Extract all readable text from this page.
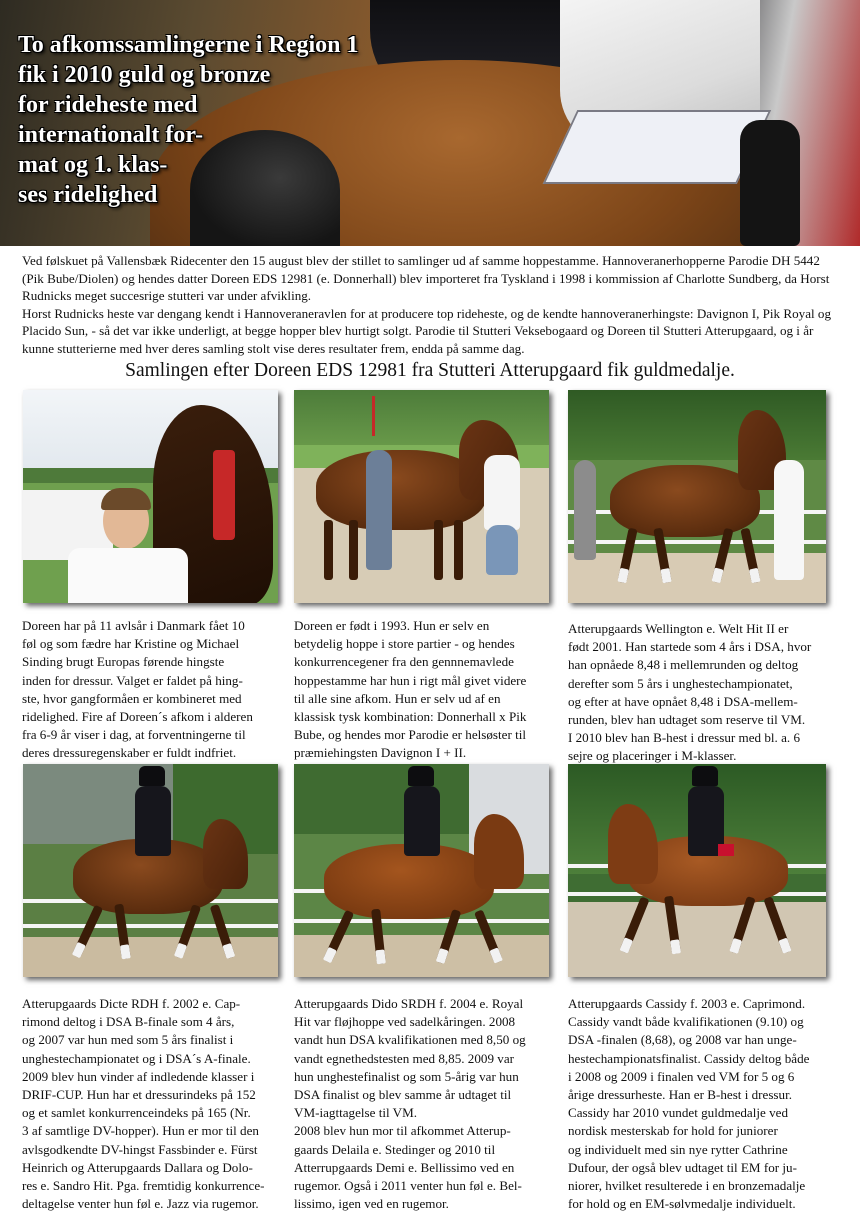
To afkomssamlingerne i Region 1
fik i 2010 guld og bronze
for rideheste med
internationalt for-
mat og 1. klas-
ses ridelighed

Ved følskuet på Vallensbæk Ridecenter den 15 august blev der stillet to samlinger ud af samme hoppestamme. Hannoveranerhopperne Parodie DH 5442 (Pik Bube/Diolen) og hendes datter Doreen EDS 12981 (e. Donnerhall) blev importeret fra Tyskland i 1998 i kommission af Charlotte Sundberg, da Horst Rudnicks meget succesrige stutteri var under afvikling.

Horst Rudnicks heste var dengang kendt i Hannoveraneravlen for at producere top rideheste, og de kendte hannoveranerhingste: Davignon I, Pik Royal og Placido Sun, - så det var ikke underligt, at begge hopper blev hurtigt solgt. Parodie til Stutteri Veksebogaard og Doreen til Stutteri Atterupgaard, og i år kunne stutterierne med hver deres samling stolt vise deres resultater frem, endda på samme dag.

Samlingen efter Doreen EDS 12981 fra Stutteri Atterupgaard fik guldmedalje.
Doreen har på 11 avlsår i Danmark fået 10
føl og som fædre har Kristine og Michael
Sinding brugt Europas førende hingste
inden for dressur. Valget er faldet på hing-
ste, hvor gangformåen er kombineret med
ridelighed. Fire af Doreen´s afkom i alderen
fra 6-9 år viser i dag, at forventningerne til
deres dressuregenskaber er fuldt indfriet.
Doreen er født i 1993. Hun er selv en
betydelig hoppe i store partier - og hendes
konkurrencegener fra den gennnemavlede
hoppestamme har hun i rigt mål givet videre
til alle sine afkom. Hun er selv ud af en
klassisk tysk kombination: Donnerhall x Pik
Bube, og hendes mor Parodie er helsøster til
præmiehingsten Davignon I + II.
Atterupgaards Wellington e. Welt Hit II er
født 2001. Han startede som 4 års i DSA, hvor
han opnåede 8,48 i mellemrunden og deltog
derefter som 5 års i unghestechampionatet,
og efter at have opnået 8,48 i DSA-mellem-
runden, blev han udtaget som reserve til VM.
I 2010 blev han B-hest i dressur med bl. a. 6
sejre og placeringer i M-klasser.
Atterupgaards Dicte RDH f. 2002 e. Cap-
rimond deltog i DSA B-finale som 4 års,
og 2007 var hun med som 5 års finalist i
unghestechampionatet og i DSA´s A-finale.
2009 blev hun vinder af indledende klasser i
DRIF-CUP. Hun har et dressurindeks på 152
og et samlet konkurrenceindeks på 165 (Nr.
3 af samtlige DV-hopper). Hun er mor til den
avlsgodkendte DV-hingst Fassbinder e. Fürst
Heinrich og Atterupgaards Dallara og Dolo-
res e. Sandro Hit. Pga. fremtidig konkurrence-
deltagelse venter hun føl e. Jazz via rugemor.
Atterupgaards Dido SRDH f. 2004 e. Royal
Hit var fløjhoppe ved sadelkåringen. 2008
vandt hun DSA kvalifikationen med 8,50 og
vandt egnethedstesten med 8,85. 2009 var
hun unghestefinalist og som 5-årig var hun
DSA finalist og blev samme år udtaget til
VM-iagttagelse til VM.
2008 blev hun mor til afkommet Atterup-
gaards Delaila e. Stedinger og 2010 til
Atterrupgaards Demi e. Bellissimo ved en
rugemor. Også i 2011 venter hun føl e. Bel-
lissimo, igen ved en rugemor.
Atterupgaards Cassidy f. 2003 e. Caprimond.
Cassidy vandt både kvalifikationen (9.10) og
DSA -finalen (8,68), og 2008 var han unge-
hestechampionatsfinalist. Cassidy deltog både
i 2008 og 2009 i finalen ved VM for 5 og 6
årige dressurheste. Han er B-hest i dressur.
Cassidy har 2010 vundet guldmedalje ved
nordisk mesterskab for hold for juniorer
og individuelt med sin nye rytter Cathrine
Dufour, der også blev udtaget til EM for ju-
niorer, hvilket resulterede i en bronzemadalje
for hold og en EM-sølvmedalje individuelt.
